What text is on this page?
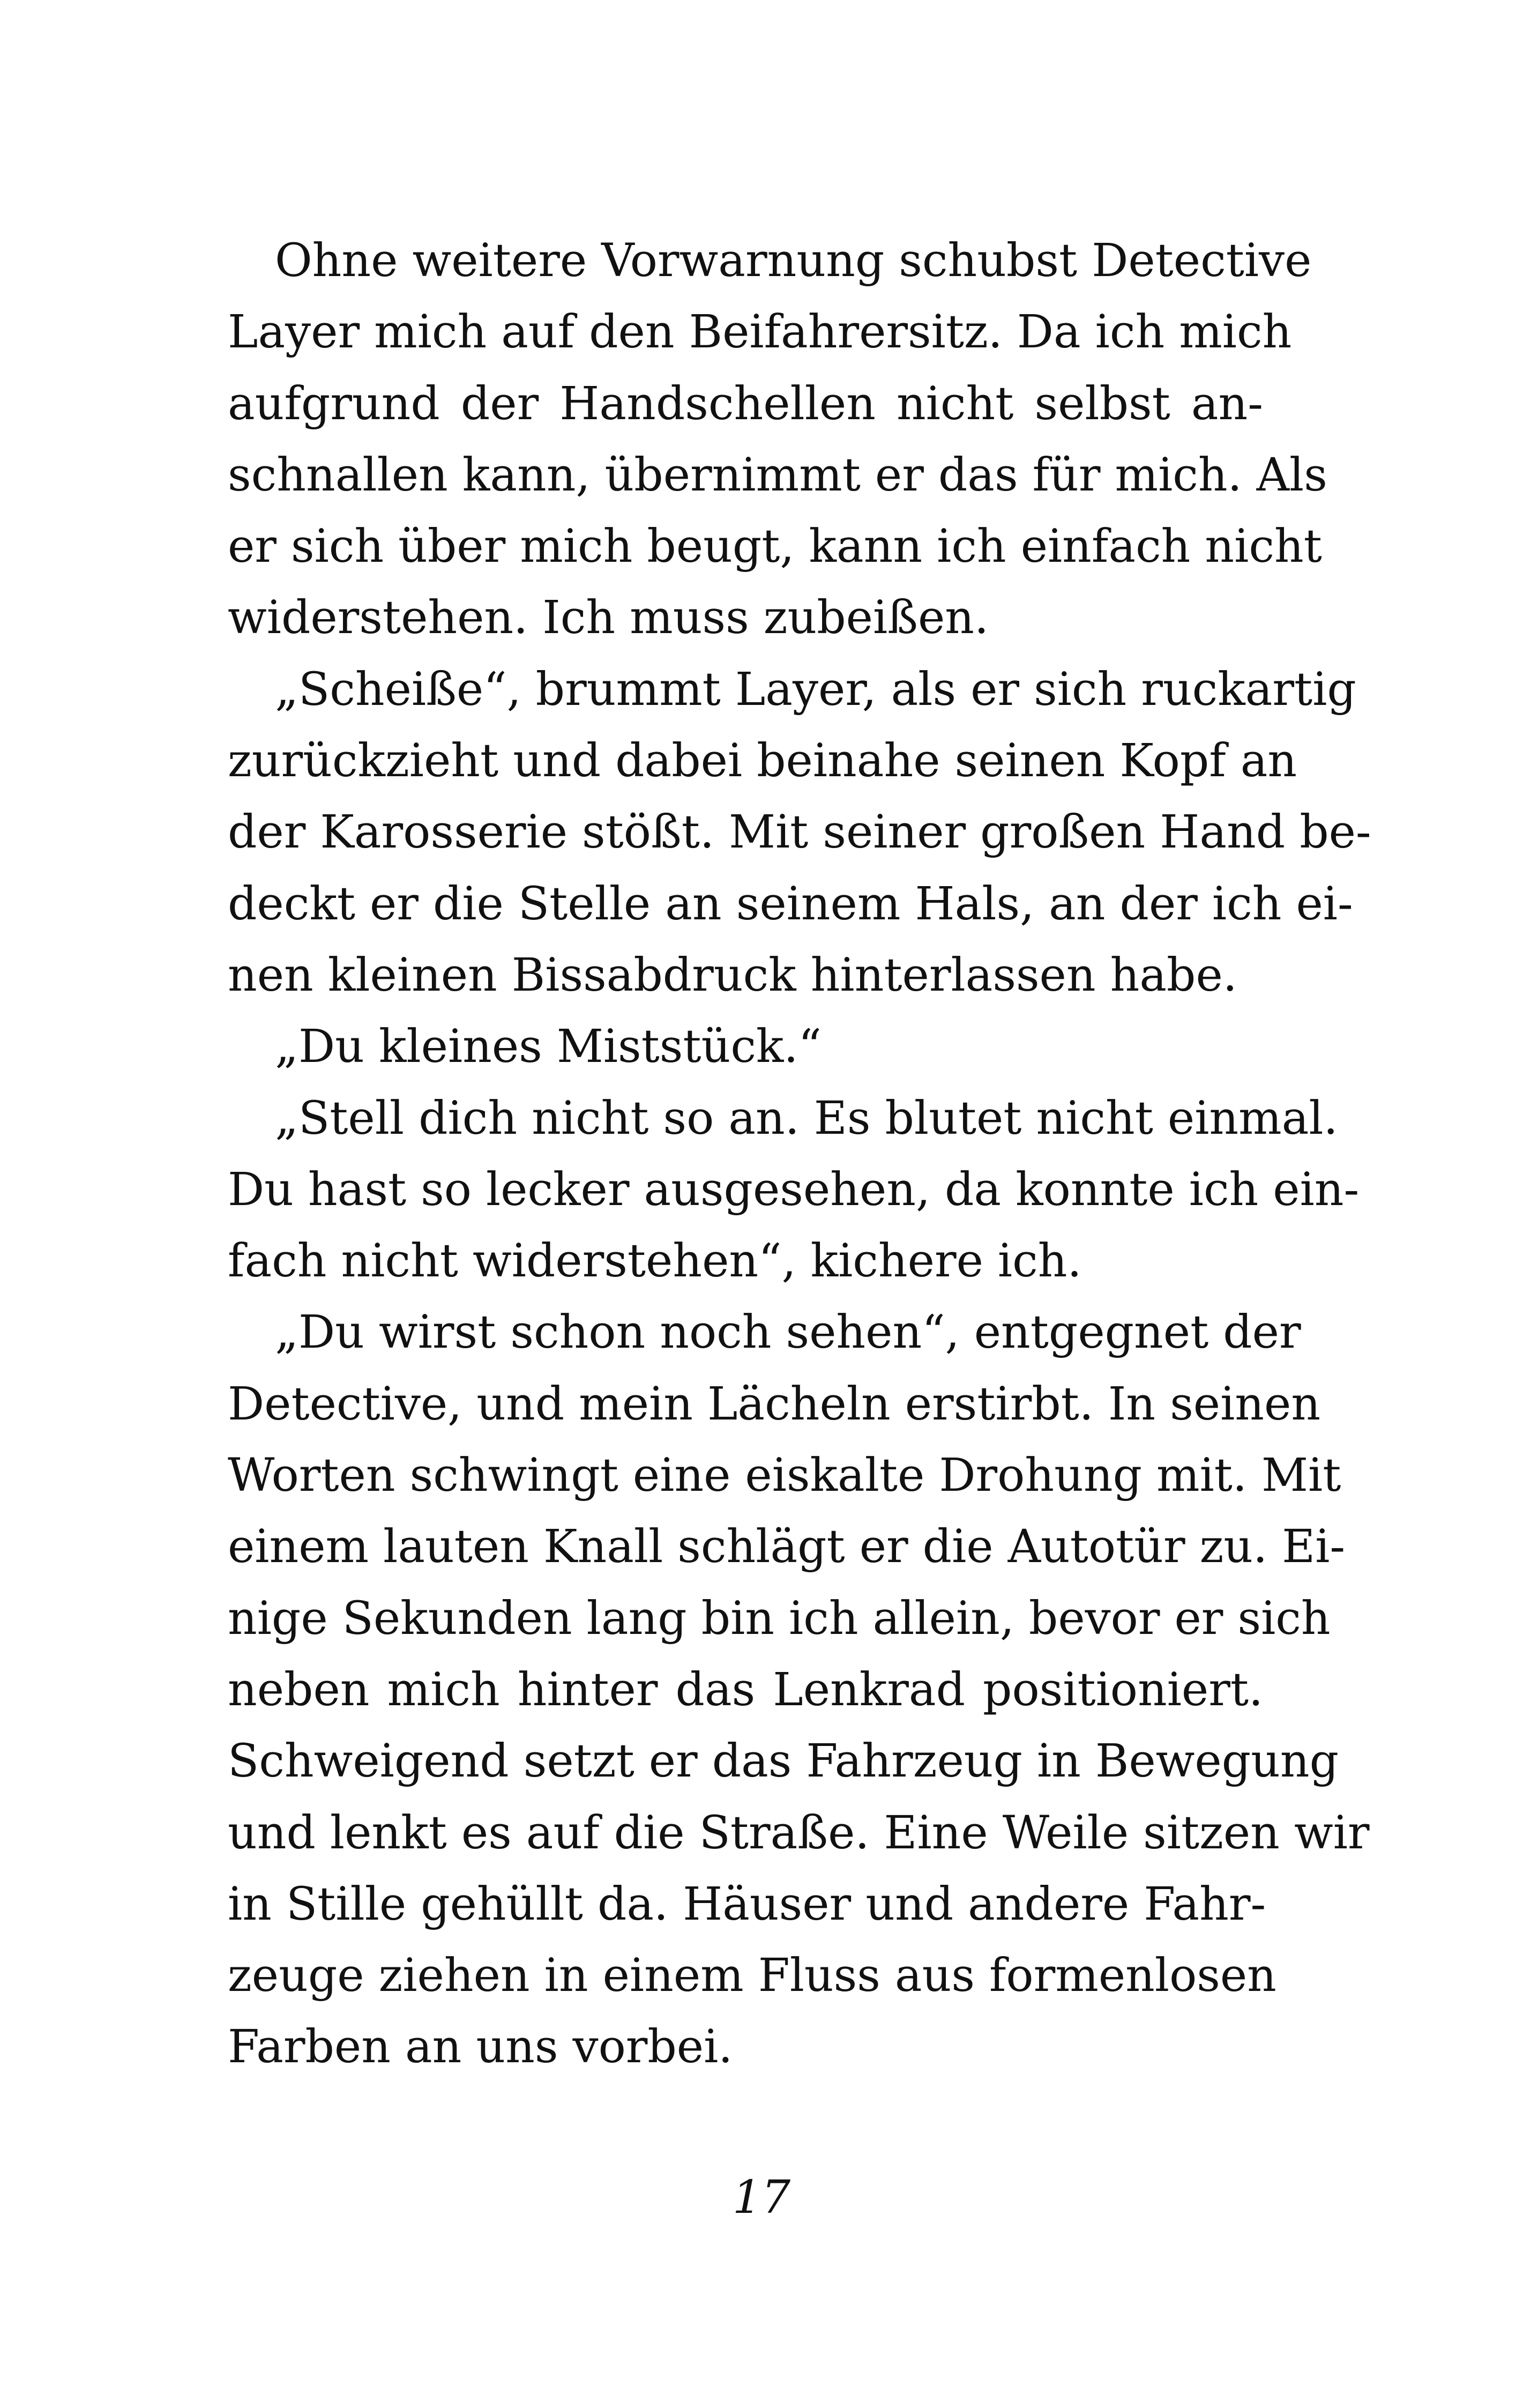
Ohne weitere Vorwarnung schubst Detective
Layer mich auf den Beifahrersitz. Da ich mich
aufgrund der Handschellen nicht selbst an-
schnallen kann, übernimmt er das für mich. Als
er sich über mich beugt, kann ich einfach nicht
widerstehen. Ich muss zubeißen.
„Scheiße“, brummt Layer, als er sich ruckartig
zurückzieht und dabei beinahe seinen Kopf an
der Karosserie stößt. Mit seiner großen Hand be-
deckt er die Stelle an seinem Hals, an der ich ei-
nen kleinen Bissabdruck hinterlassen habe.
„Du kleines Miststück.“
„Stell dich nicht so an. Es blutet nicht einmal.
Du hast so lecker ausgesehen, da konnte ich ein-
fach nicht widerstehen“, kichere ich.
„Du wirst schon noch sehen“, entgegnet der
Detective, und mein Lächeln erstirbt. In seinen
Worten schwingt eine eiskalte Drohung mit. Mit
einem lauten Knall schlägt er die Autotür zu. Ei-
nige Sekunden lang bin ich allein, bevor er sich
neben mich hinter das Lenkrad positioniert.
Schweigend setzt er das Fahrzeug in Bewegung
und lenkt es auf die Straße. Eine Weile sitzen wir
in Stille gehüllt da. Häuser und andere Fahr-
zeuge ziehen in einem Fluss aus formenlosen
Farben an uns vorbei.
17
